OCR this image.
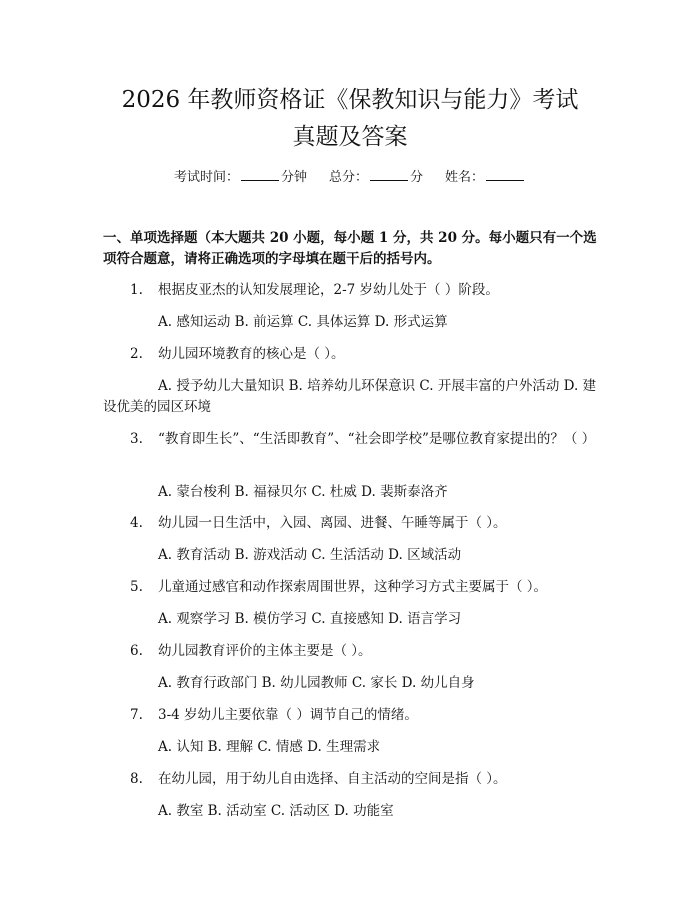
2026 年教师资格证《保教知识与能力》考试
真题及答案
考试时间：	分钟 总分：	分 姓名：
一、单项选择题（本大题共 20 小题，每小题 1 分，共 20 分。每小题只有一个选项符合题意，请将正确选项的字母填在题干后的括号内。
1. 根据皮亚杰的认知发展理论，2-7 岁幼儿处于（ ）阶段。
A. 感知运动 B. 前运算 C. 具体运算 D. 形式运算
2. 幼儿园环境教育的核心是（ ）。
A. 授予幼儿大量知识 B. 培养幼儿环保意识 C. 开展丰富的户外活动 D. 建设优美的园区环境
3. “教育即生长”、“生活即教育”、“社会即学校”是哪位教育家提出的？（ ）
A. 蒙台梭利 B. 福禄贝尔 C. 杜威 D. 裴斯泰洛齐
4. 幼儿园一日生活中，入园、离园、进餐、午睡等属于（ ）。
A. 教育活动 B. 游戏活动 C. 生活活动 D. 区域活动
5. 儿童通过感官和动作探索周围世界，这种学习方式主要属于（ ）。
A. 观察学习 B. 模仿学习 C. 直接感知 D. 语言学习
6. 幼儿园教育评价的主体主要是（ ）。
A. 教育行政部门 B. 幼儿园教师 C. 家长 D. 幼儿自身
7. 3-4 岁幼儿主要依靠（ ）调节自己的情绪。
A. 认知 B. 理解 C. 情感 D. 生理需求
8. 在幼儿园，用于幼儿自由选择、自主活动的空间是指（ ）。
A. 教室 B. 活动室 C. 活动区 D. 功能室
